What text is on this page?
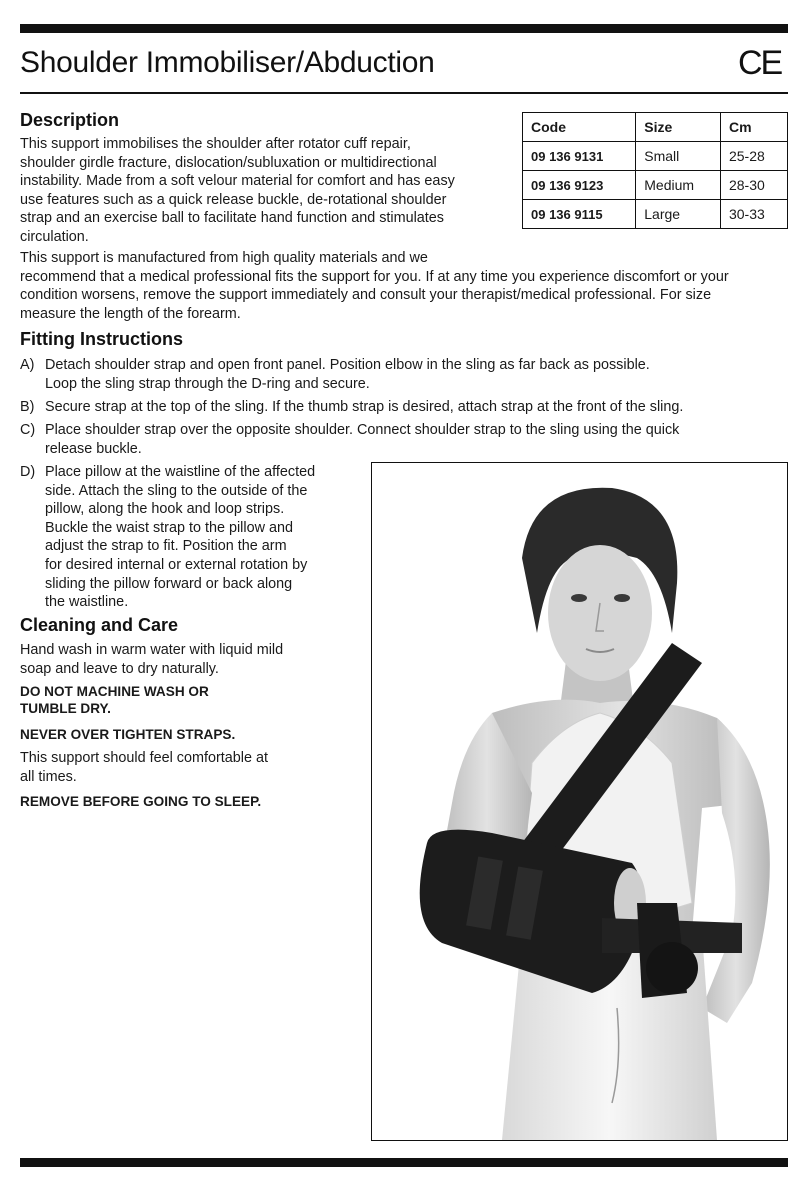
Shoulder Immobiliser/Abduction	CE
Description
This support immobilises the shoulder after rotator cuff repair,
shoulder girdle fracture, dislocation/subluxation or multidirectional
instability. Made from a soft velour material for comfort and has easy
use features such as a quick release buckle, de-rotational shoulder
strap and an exercise ball to facilitate hand function and stimulates
circulation.
Code	Size	Cm
09 136 9131	Small	25-28
09 136 9123	Medium	28-30
09 136 9115	Large	30-33
This support is manufactured from high quality materials and we
recommend that a medical professional fits the support for you. If at any time you experience discomfort or your
condition worsens, remove the support immediately and consult your therapist/medical professional. For size
measure the length of the forearm.
Fitting Instructions
A) Detach shoulder strap and open front panel. Position elbow in the sling as far back as possible.
Loop the sling strap through the D-ring and secure.
B) Secure strap at the top of the sling. If the thumb strap is desired, attach strap at the front of the sling.
C) Place shoulder strap over the opposite shoulder. Connect shoulder strap to the sling using the quick
release buckle.
D) Place pillow at the waistline of the affected
side. Attach the sling to the outside of the
pillow, along the hook and loop strips.
Buckle the waist strap to the pillow and
adjust the strap to fit. Position the arm
for desired internal or external rotation by
sliding the pillow forward or back along
the waistline.
Cleaning and Care
Hand wash in warm water with liquid mild
soap and leave to dry naturally.
DO NOT MACHINE WASH OR
TUMBLE DRY.
NEVER OVER TIGHTEN STRAPS.
This support should feel comfortable at
all times.
REMOVE BEFORE GOING TO SLEEP.
